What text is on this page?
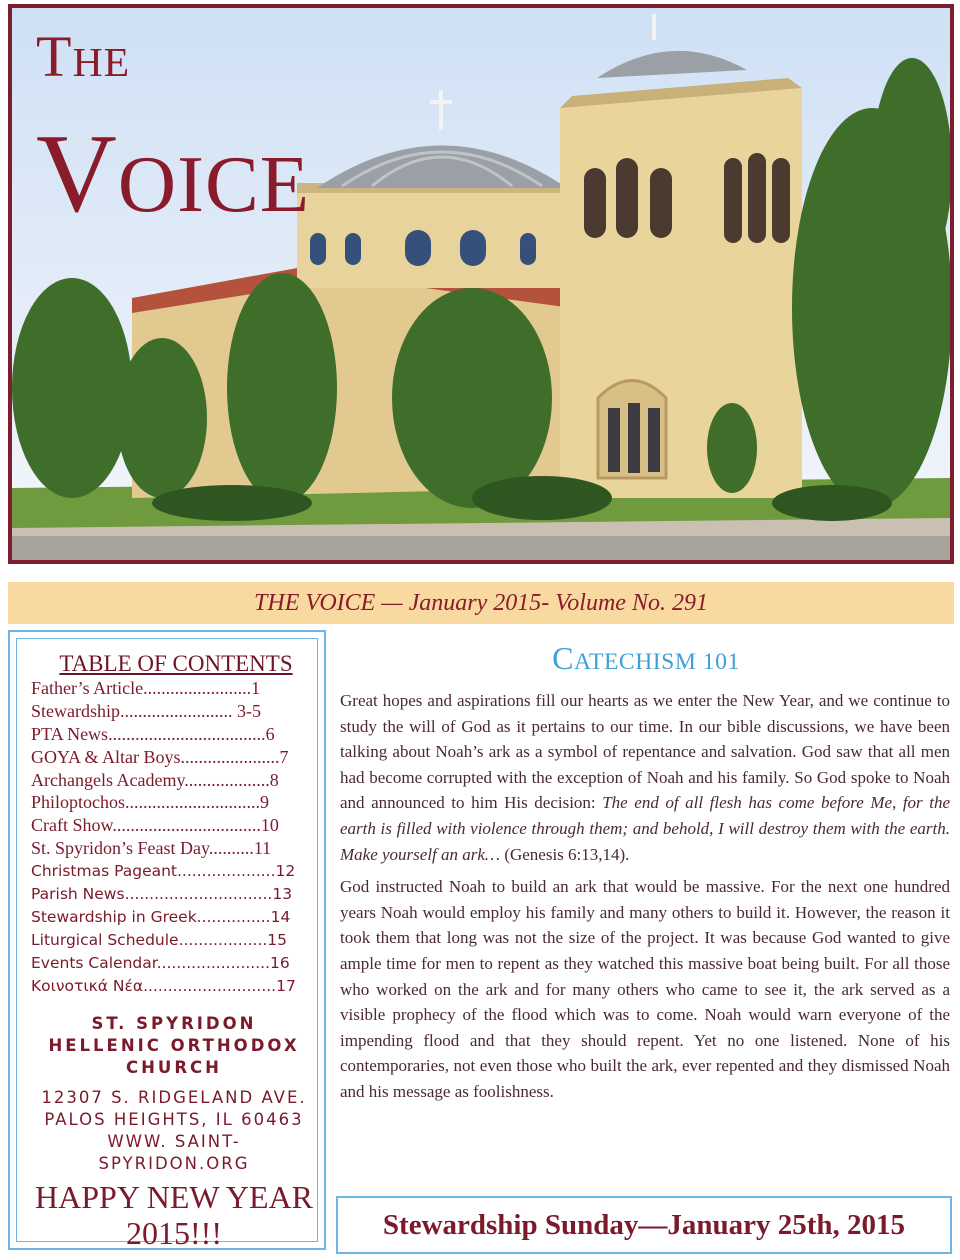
THE
VOICE
THE VOICE — January 2015- Volume No. 291
TABLE OF CONTENTS
Father’s Article........................1
Stewardship......................... 3-5
PTA News...................................6
GOYA & Altar Boys......................7
Archangels Academy...................8
Philoptochos..............................9
Craft Show.................................10
St. Spyridon’s Feast Day..........11
Christmas Pageant....................12
Parish News..............................13
Stewardship in Greek...............14
Liturgical Schedule..................15
Events Calendar.......................16
Κοινοτικά Νέα...........................17
ST. SPYRIDON
HELLENIC ORTHODOX
CHURCH
12307 S. RIDGELAND AVE.
PALOS HEIGHTS, IL 60463
WWW. SAINT-
SPYRIDON.ORG
HAPPY NEW YEAR
2015!!!
CATECHISM 101

Great hopes and aspirations fill our hearts as we enter the New Year, and we continue to study the will of God as it pertains to our time. In our bible discussions, we have been talking about Noah’s ark as a symbol of repentance and salvation. God saw that all men had become corrupted with the exception of Noah and his family. So God spoke to Noah and announced to him His decision: The end of all flesh has come before Me, for the earth is filled with violence through them; and behold, I will destroy them with the earth. Make yourself an ark… (Genesis 6:13,14).

God instructed Noah to build an ark that would be massive. For the next one hundred years Noah would employ his family and many others to build it. However, the reason it took them that long was not the size of the project. It was because God wanted to give ample time for men to repent as they watched this massive boat being built. For all those who worked on the ark and for many others who came to see it, the ark served as a visible prophecy of the flood which was to come. Noah would warn everyone of the impending flood and that they should repent. Yet no one listened. None of his contemporaries, not even those who built the ark, ever repented and they dismissed Noah and his message as foolishness.

Stewardship Sunday—January 25th, 2015
